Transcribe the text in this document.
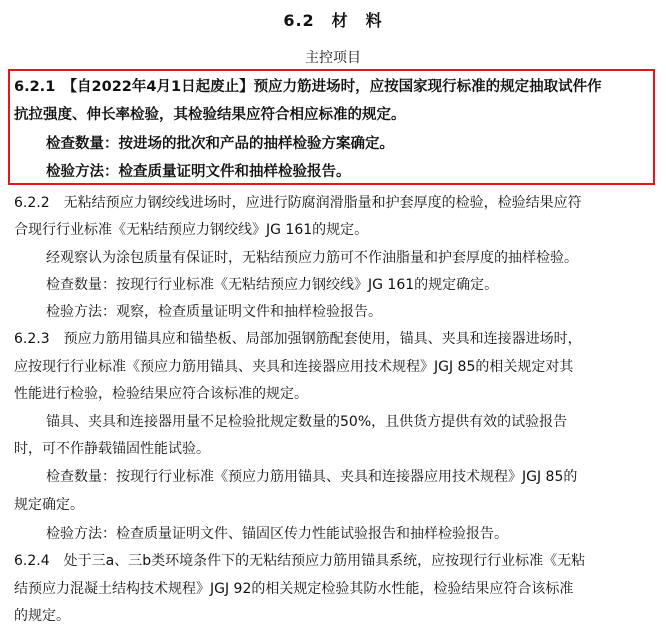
6.2　材　料
主控项目
6.2.1　【自2022年4月1日起废止】预应力筋进场时，应按国家现行标准的规定抽取试件作
抗拉强度、伸长率检验，其检验结果应符合相应标准的规定。
检查数量：按进场的批次和产品的抽样检验方案确定。
检验方法：检查质量证明文件和抽样检验报告。
6.2.2　无粘结预应力钢绞线进场时，应进行防腐润滑脂量和护套厚度的检验，检验结果应符
合现行行业标准《无粘结预应力钢绞线》JG 161的规定。
经观察认为涂包质量有保证时，无粘结预应力筋可不作油脂量和护套厚度的抽样检验。
检查数量：按现行行业标准《无粘结预应力钢绞线》JG 161的规定确定。
检验方法：观察，检查质量证明文件和抽样检验报告。
6.2.3　预应力筋用锚具应和锚垫板、局部加强钢筋配套使用，锚具、夹具和连接器进场时，
应按现行行业标准《预应力筋用锚具、夹具和连接器应用技术规程》JGJ 85的相关规定对其
性能进行检验，检验结果应符合该标准的规定。
锚具、夹具和连接器用量不足检验批规定数量的50%，且供货方提供有效的试验报告
时，可不作静载锚固性能试验。
检查数量：按现行行业标准《预应力筋用锚具、夹具和连接器应用技术规程》JGJ 85的
规定确定。
检验方法：检查质量证明文件、锚固区传力性能试验报告和抽样检验报告。
6.2.4　处于三a、三b类环境条件下的无粘结预应力筋用锚具系统，应按现行行业标准《无粘
结预应力混凝土结构技术规程》JGJ 92的相关规定检验其防水性能，检验结果应符合该标准
的规定。
